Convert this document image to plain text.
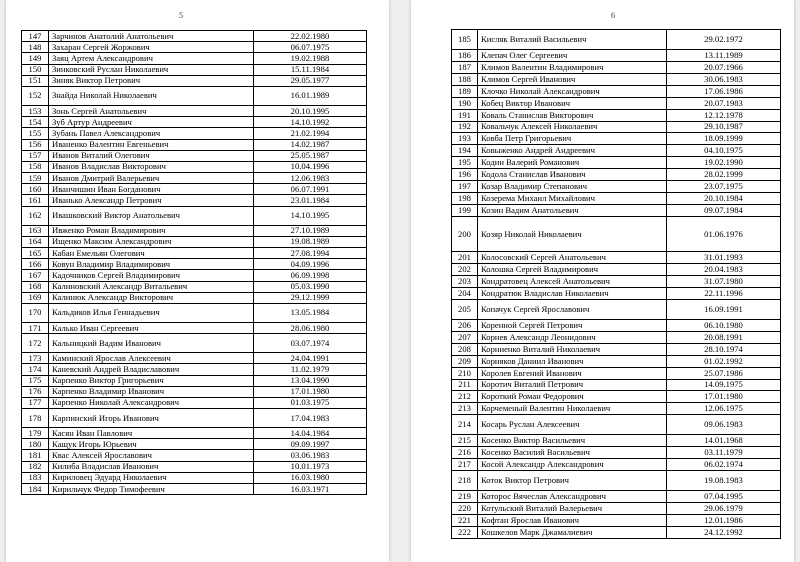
5
147	Зарчинов Анатолий Анатольевич	22.02.1980
148	Захаран Сергей Жоржович	06.07.1975
149	Заяц Артем Александрович	19.02.1988
150	Зинковский Руслан Николаевич	15.11.1984
151	Зиняк Виктор Петрович	29.05.1977
152	Знайда Николай Николаевич	16.01.1989
153	Зонь Сергей Анатольевич	20.10.1995
154	Зуб Артур Андреевич	14.10.1992
155	Зубань Павел Александрович	21.02.1994
156	Иваненко Валентин Евгеньевич	14.02.1987
157	Иванов Виталий Олегович	25.05.1987
158	Иванов Владислав Викторович	10.04.1996
159	Иванов Дмитрий Валерьевич	12.06.1983
160	Иванчишин Иван Богданович	06.07.1991
161	Иванько Александр Петрович	23.01.1984
162	Ивашковский Виктор Анатольевич	14.10.1995
163	Ивженко Роман Владимирович	27.10.1989
164	Ищенко Максим Александрович	19.08.1989
165	Кабан Емельян Олегович	27.08.1994
166	Ковун Владимир Владимирович	04.09.1996
167	Кадочников Сергей Владимирович	06.09.1998
168	Калиновский Александр Витальевич	05.03.1990
169	Калинюк Александр Викторович	29.12.1999
170	Кальдиков Илья Геннадьевич	13.05.1984
171	Калько Иван Сергеевич	28.06.1980
172	Кальницкий Вадим Иванович	03.07.1974
173	Каминский Ярослав Алексеевич	24.04.1991
174	Каневский Андрей Владиславович	11.02.1979
175	Карпенко Виктор Григорьевич	13.04.1990
176	Карпенко Владимир Иванович	17.01.1980
177	Карпенко Николай Александрович	01.03.1975
178	Карпинский Игорь Иванович	17.04.1983
179	Касян Иван Павлович	14.04.1984
180	Кащук Игорь Юрьевич	09.09.1997
181	Квас Алексей Ярославович	03.06.1983
182	Килиба Владислав Иванович	10.01.1973
183	Кириловец Эдуард Николаевич	16.03.1980
184	Кирильчук Федор Тимофеевич	16.03.1971
6
185	Кисляк Виталий Васильевич	29.02.1972
186	Клепач Олег Сергеевич	13.11.1989
187	Климов Валентин Владимирович	20.07.1966
188	Климов Сергей Иванович	30.06.1983
189	Клочко Николай Александрович	17.06.1986
190	Кобец Виктор Иванович	20.07.1983
191	Коваль Станислав Викторович	12.12.1978
192	Ковальчук Алексей Николаевич	29.10.1987
193	Ковба Петр Григорьевич	18.09.1999
194	Ковыженко Андрей Андреевич	04.10.1975
195	Кодин Валерий Романович	19.02.1990
196	Кодола Станислав Иванович	28.02.1999
197	Козар Владимир Степанович	23.07.1975
198	Козерема Михаил Михайлович	20.10.1984
199	Козин Вадим Анатольевич	09.07.1984
200	Козяр Николай Николаевич	01.06.1976
201	Колосовский Сергей Анатольевич	31.01.1993
202	Колошка Сергей Владимирович	20.04.1983
203	Кондратовец Алексей Анатольевич	31.07.1980
204	Кондратюк Владислав Николаевич	22.11.1996
205	Копачук Сергей Ярославович	16.09.1991
206	Коренной Сергей Петрович	06.10.1980
207	Корнев Александр Леонидович	20.08.1991
208	Корниенко Виталий Николаевич	28.10.1974
209	Корняков Даниил Иванович	01.02.1992
210	Королев Евгений Иванович	25.07.1986
211	Коротич Виталий Петрович	14.09.1975
212	Короткий Роман Федорович	17.01.1980
213	Корчеменый Валентин Николаевич	12.06.1975
214	Косарь Руслан Алексеевич	09.06.1983
215	Косенко Виктор Васильевич	14.01.1968
216	Косенко Василий Васильевич	03.11.1979
217	Косой Александр Александрович	06.02.1974
218	Коток Виктор Петрович	19.08.1983
219	Которос Вячеслав Александрович	07.04.1995
220	Котульский Виталий Валерьевич	29.06.1979
221	Кофтан Ярослав Иванович	12.01.1986
222	Кошкелов Марк Джамалиевич	24.12.1992
